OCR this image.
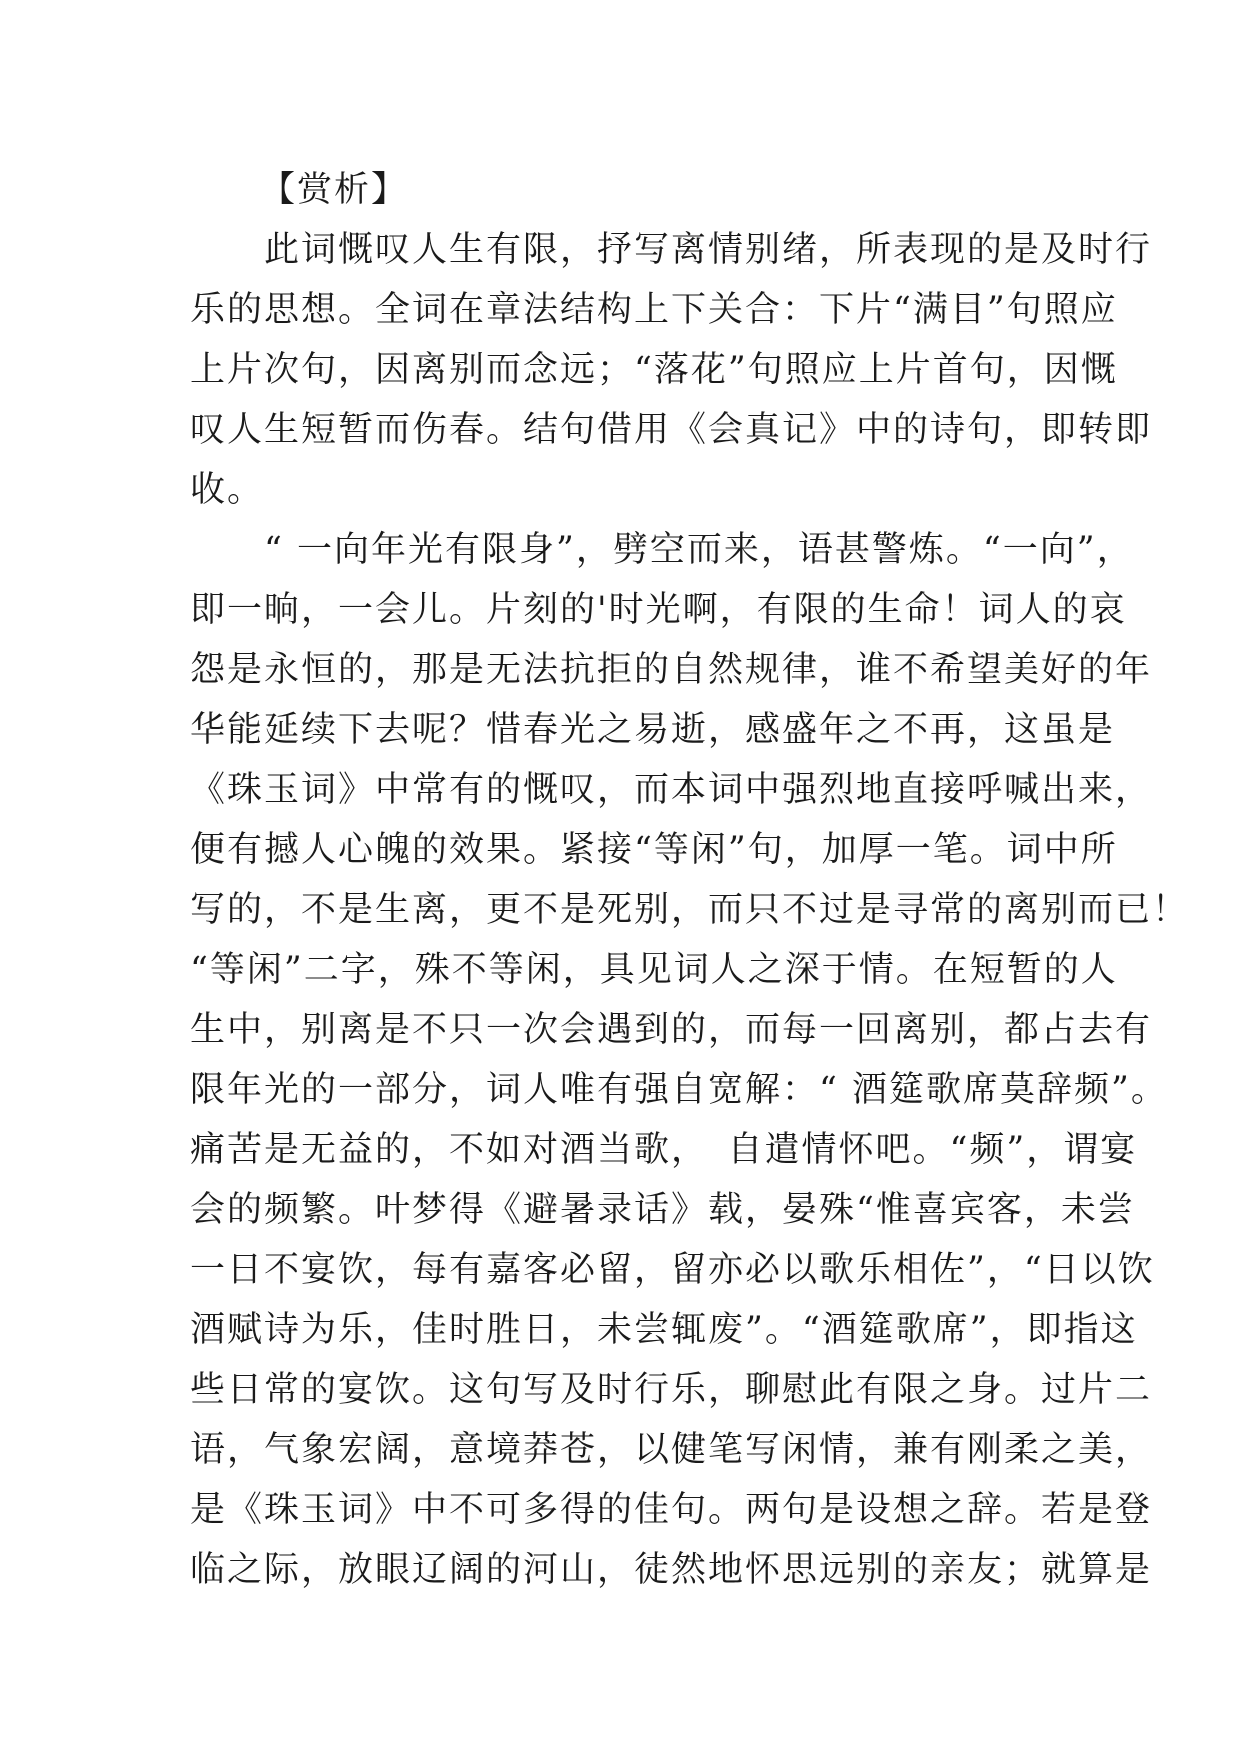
【赏析】
　　此词慨叹人生有限，抒写离情别绪，所表现的是及时行
乐的思想。全词在章法结构上下关合：下片“满目”句照应
上片次句，因离别而念远；“落花”句照应上片首句，因慨
叹人生短暂而伤春。结句借用《会真记》中的诗句，即转即
收。
　　“ 一向年光有限身”，劈空而来，语甚警炼。“一向”，
即一晌，一会儿。片刻的'时光啊，有限的生命！词人的哀
怨是永恒的，那是无法抗拒的自然规律，谁不希望美好的年
华能延续下去呢？惜春光之易逝，感盛年之不再，这虽是
《珠玉词》中常有的慨叹，而本词中强烈地直接呼喊出来，
便有撼人心魄的效果。紧接“等闲”句，加厚一笔。词中所
写的，不是生离，更不是死别，而只不过是寻常的离别而已！
“等闲”二字，殊不等闲，具见词人之深于情。在短暂的人
生中，别离是不只一次会遇到的，而每一回离别，都占去有
限年光的一部分，词人唯有强自宽解：“ 酒筵歌席莫辞频”。
痛苦是无益的，不如对酒当歌，　自遣情怀吧。“频”，谓宴
会的频繁。叶梦得《避暑录话》载，晏殊“惟喜宾客，未尝
一日不宴饮，每有嘉客必留，留亦必以歌乐相佐”，“日以饮
酒赋诗为乐，佳时胜日，未尝辄废”。“酒筵歌席”，即指这
些日常的宴饮。这句写及时行乐，聊慰此有限之身。过片二
语，气象宏阔，意境莽苍，以健笔写闲情，兼有刚柔之美，
是《珠玉词》中不可多得的佳句。两句是设想之辞。若是登
临之际，放眼辽阔的河山，徒然地怀思远别的亲友；就算是
